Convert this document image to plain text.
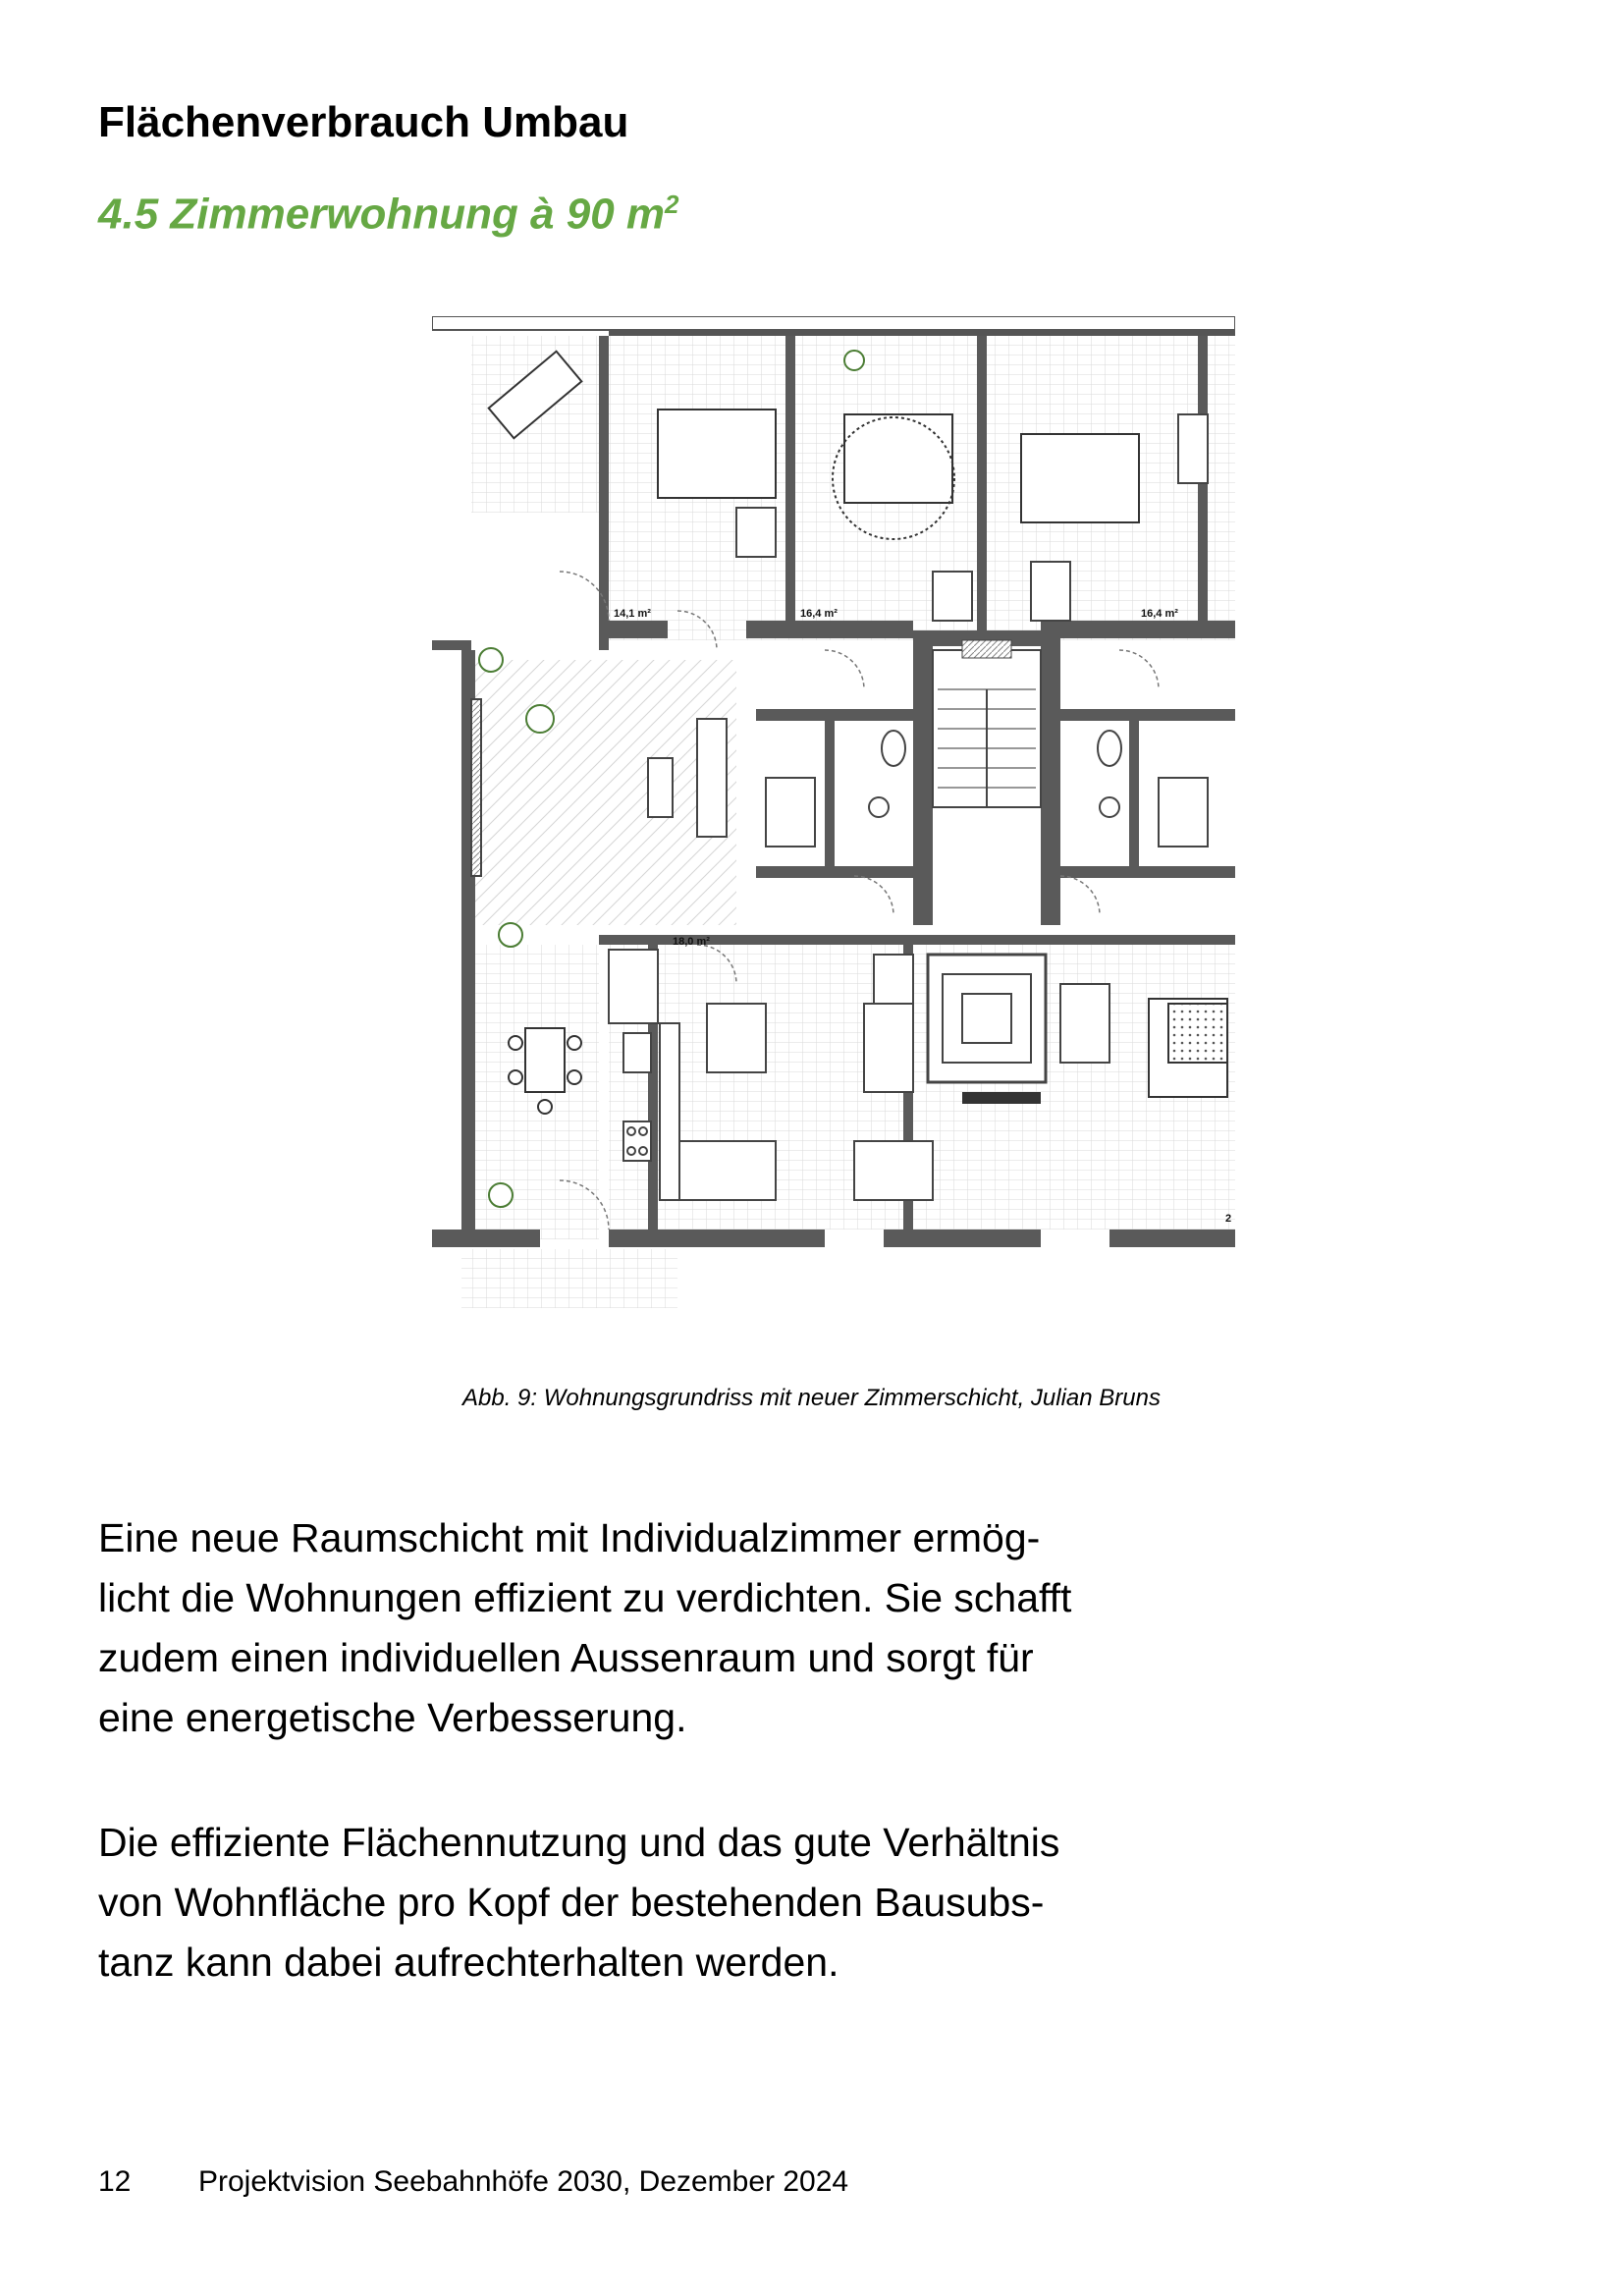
Flächenverbrauch Umbau
4.5 Zimmerwohnung à 90 $m^2$
14,1 m²	16,4 m²	16,4 m²
18,0 m²
2

Abb. 9: Wohnungsgrundriss mit neuer Zimmerschicht, Julian Bruns

Eine neue Raumschicht mit Individualzimmer ermög-
licht die Wohnungen effizient zu verdichten. Sie schafft
zudem einen individuellen Aussenraum und sorgt für
eine energetische Verbesserung.

Die effiziente Flächennutzung und das gute Verhältnis
von Wohnfläche pro Kopf der bestehenden Bausubs-
tanz kann dabei aufrechterhalten werden.

12 Projektvision Seebahnhöfe 2030, Dezember 2024
